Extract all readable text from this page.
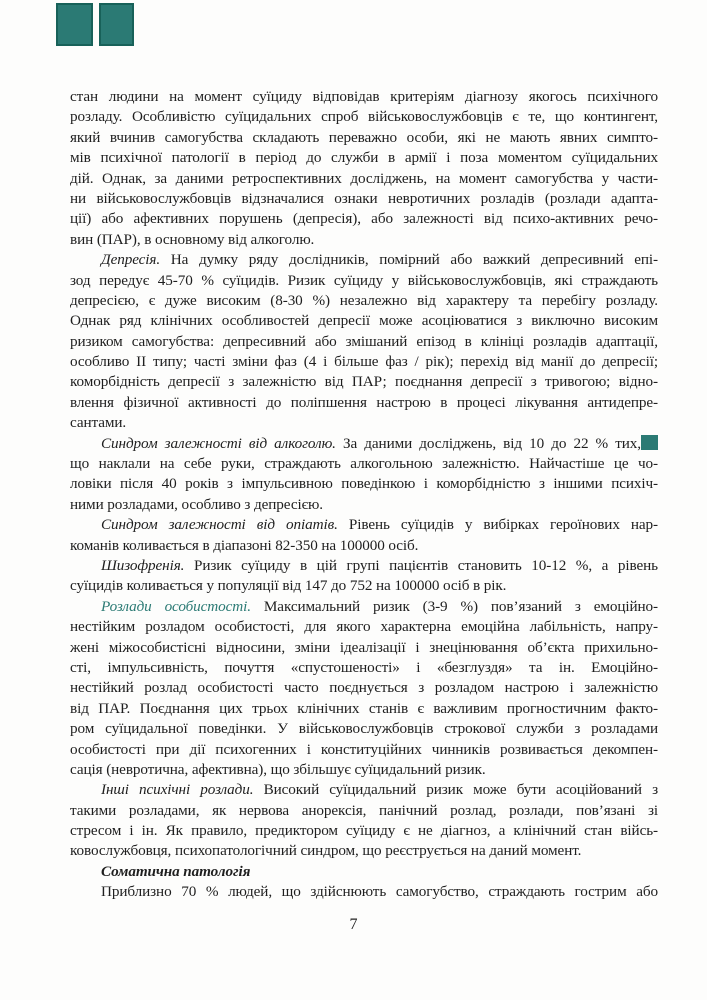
стан людини на момент суїциду відповідав критеріям діагнозу якогось психічного
розладу. Особливістю суїцидальних спроб військовослужбовців є те, що контингент,
який вчинив самогубства складають переважно особи, які не мають явних симпто-
мів психічної патології в період до служби в армії і поза моментом суїцидальних
дій. Однак, за даними ретроспективних досліджень, на момент самогубства у части-
ни військовослужбовців відзначалися ознаки невротичних розладів (розлади адапта-
ції) або афективних порушень (депресія), або залежності від психо-активних речо-
вин (ПАР), в основному від алкоголю.

Депресія. На думку ряду дослідників, помірний або важкий депресивний епі-
зод передує 45-70 % суїцидів. Ризик суїциду у військовослужбовців, які страждають
депресією, є дуже високим (8-30 %) незалежно від характеру та перебігу розладу.
Однак ряд клінічних особливостей депресії може асоціюватися з виключно високим
ризиком самогубства: депресивний або змішаний епізод в клініці розладів адаптації,
особливо II типу; часті зміни фаз (4 і більше фаз / рік); перехід від манії до депресії;
коморбідність депресії з залежністю від ПАР; поєднання депресії з тривогою; відно-
влення фізичної активності до поліпшення настрою в процесі лікування антидепре-
сантами.

Синдром залежності від алкоголю. За даними досліджень, від 10 до 22 % тих,
що наклали на себе руки, страждають алкогольною залежністю. Найчастіше це чо-
ловіки після 40 років з імпульсивною поведінкою і коморбідністю з іншими психіч-
ними розладами, особливо з депресією.

Синдром залежності від опіатів. Рівень суїцидів у вибірках героїнових нар-
команів коливається в діапазоні 82-350 на 100000 осіб.

Шизофренія. Ризик суїциду в цій групі пацієнтів становить 10-12 %, а рівень
суїцидів коливається у популяції від 147 до 752 на 100000 осіб в рік.

Розлади особистості. Максимальний ризик (3-9 %) пов’язаний з емоційно-
нестійким розладом особистості, для якого характерна емоційна лабільність, напру-
жені міжособистісні відносини, зміни ідеалізації і знецінювання об’єкта прихильно-
сті, імпульсивність, почуття «спустошеності» і «безглуздя» та ін. Емоційно-
нестійкий розлад особистості часто поєднується з розладом настрою і залежністю
від ПАР. Поєднання цих трьох клінічних станів є важливим прогностичним факто-
ром суїцидальної поведінки. У військовослужбовців строкової служби з розладами
особистості при дії психогенних і конституційних чинників розвивається декомпен-
сація (невротична, афективна), що збільшує суїцидальний ризик.

Інші психічні розлади. Високий суїцидальний ризик може бути асоційований з
такими розладами, як нервова анорексія, панічний розлад, розлади, пов’язані зі
стресом і ін. Як правило, предиктором суїциду є не діагноз, а клінічний стан війсь-
ковослужбовця, психопатологічний синдром, що реєструється на даний момент.

Соматична патологія

Приблизно 70 % людей, що здійснюють самогубство, страждають гострим або

7
